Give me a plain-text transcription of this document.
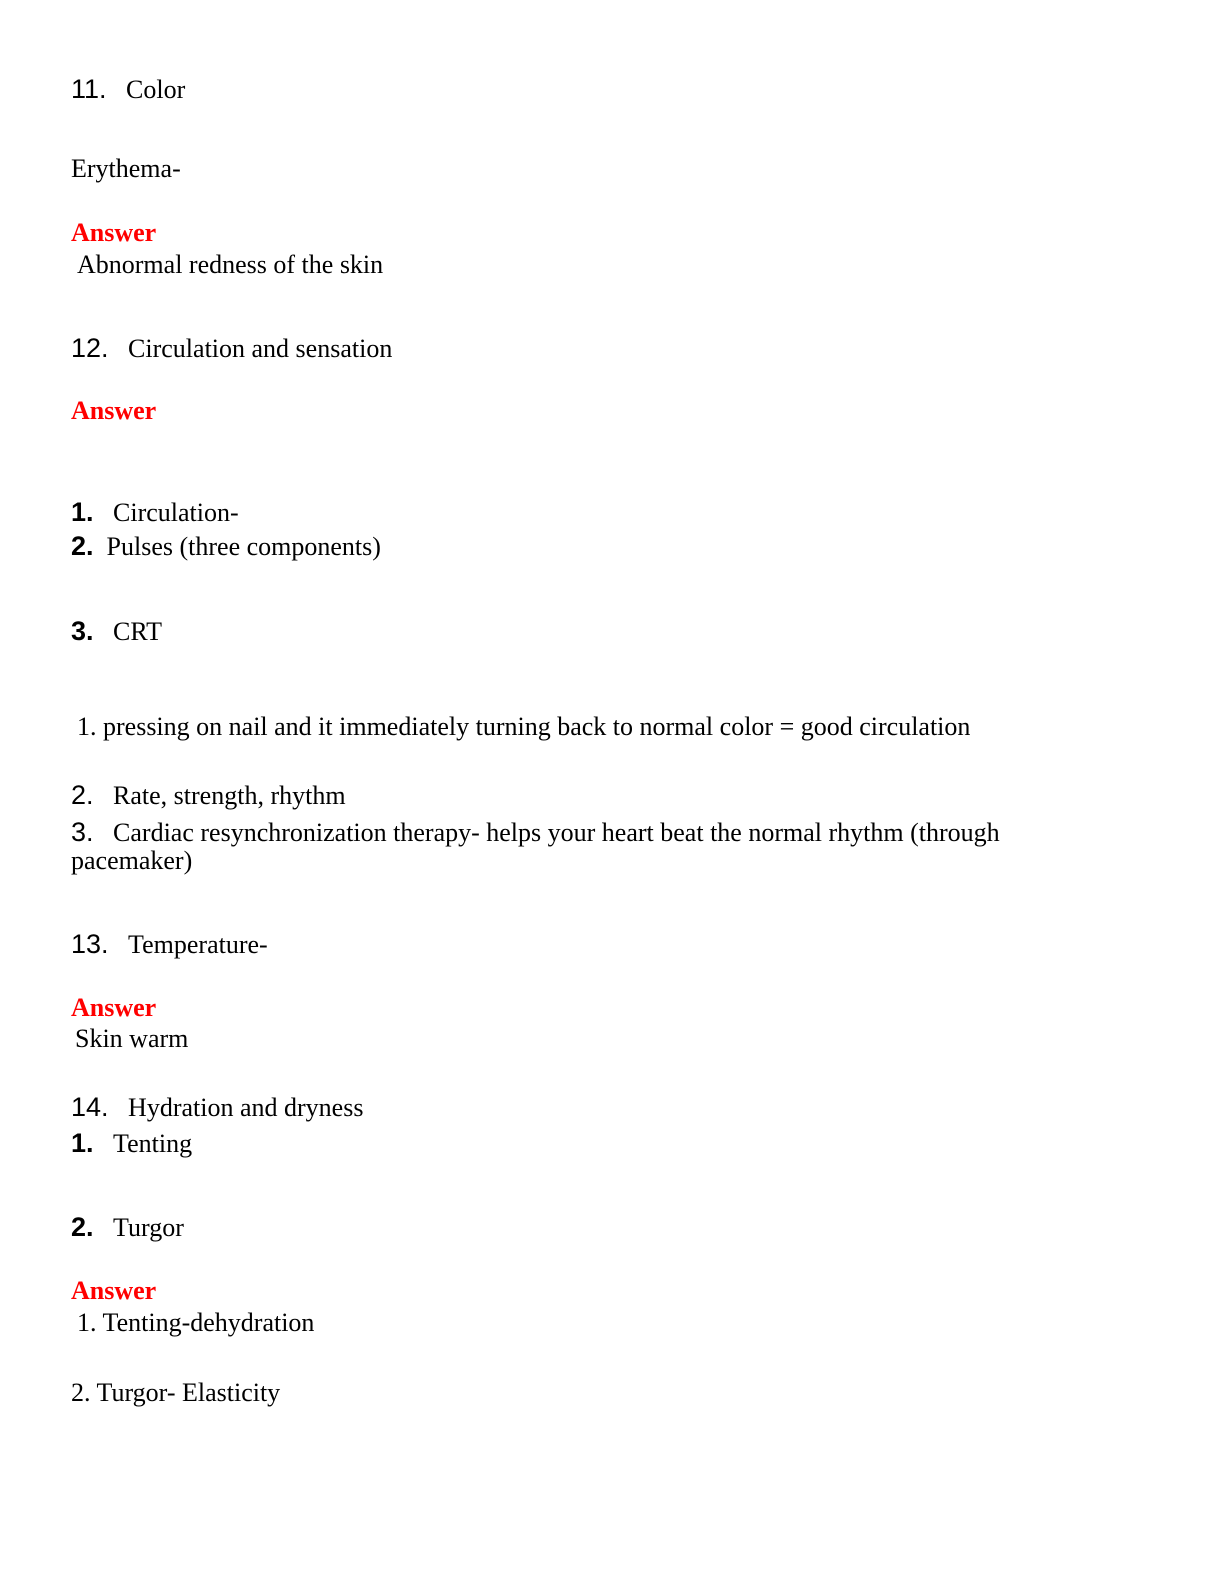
11. Color
Erythema-
Answer
Abnormal redness of the skin
12. Circulation and sensation
Answer
1. Circulation-
2. Pulses (three components)
3. CRT
1. pressing on nail and it immediately turning back to normal color = good circulation
2. Rate, strength, rhythm
3. Cardiac resynchronization therapy- helps your heart beat the normal rhythm (through
pacemaker)
13. Temperature-
Answer
Skin warm
14. Hydration and dryness
1. Tenting
2. Turgor
Answer
1. Tenting-dehydration
2. Turgor- Elasticity
